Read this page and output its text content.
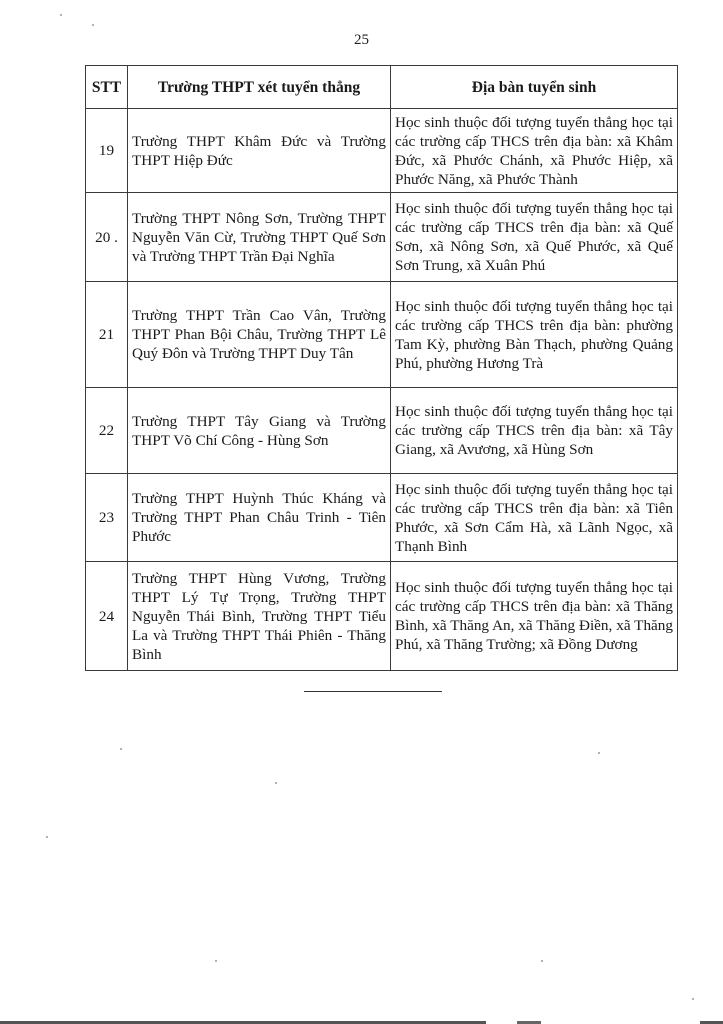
25
STT	Trường THPT xét tuyển thẳng	Địa bàn tuyển sinh
19	Trường THPT Khâm Đức và Trường THPT Hiệp Đức	Học sinh thuộc đối tượng tuyển thẳng học tại các trường cấp THCS trên địa bàn: xã Khâm Đức, xã Phước Chánh, xã Phước Hiệp, xã Phước Năng, xã Phước Thành
20 .	Trường THPT Nông Sơn, Trường THPT Nguyễn Văn Cừ, Trường THPT Quế Sơn và Trường THPT Trần Đại Nghĩa	Học sinh thuộc đối tượng tuyển thẳng học tại các trường cấp THCS trên địa bàn: xã Quế Sơn, xã Nông Sơn, xã Quế Phước, xã Quế Sơn Trung, xã Xuân Phú
21	Trường THPT Trần Cao Vân, Trường THPT Phan Bội Châu, Trường THPT Lê Quý Đôn và Trường THPT Duy Tân	Học sinh thuộc đối tượng tuyển thẳng học tại các trường cấp THCS trên địa bàn: phường Tam Kỳ, phường Bàn Thạch, phường Quảng Phú, phường Hương Trà
22	Trường THPT Tây Giang và Trường THPT Võ Chí Công - Hùng Sơn	Học sinh thuộc đối tượng tuyển thẳng học tại các trường cấp THCS trên địa bàn: xã Tây Giang, xã Avương, xã Hùng Sơn
23	Trường THPT Huỳnh Thúc Kháng và Trường THPT Phan Châu Trinh - Tiên Phước	Học sinh thuộc đối tượng tuyển thẳng học tại các trường cấp THCS trên địa bàn: xã Tiên Phước, xã Sơn Cẩm Hà, xã Lãnh Ngọc, xã Thạnh Bình
24	Trường THPT Hùng Vương, Trường THPT Lý Tự Trọng, Trường THPT Nguyễn Thái Bình, Trường THPT Tiểu La và Trường THPT Thái Phiên - Thăng Bình	Học sinh thuộc đối tượng tuyển thẳng học tại các trường cấp THCS trên địa bàn: xã Thăng Bình, xã Thăng An, xã Thăng Điền, xã Thăng Phú, xã Thăng Trường; xã Đồng Dương
